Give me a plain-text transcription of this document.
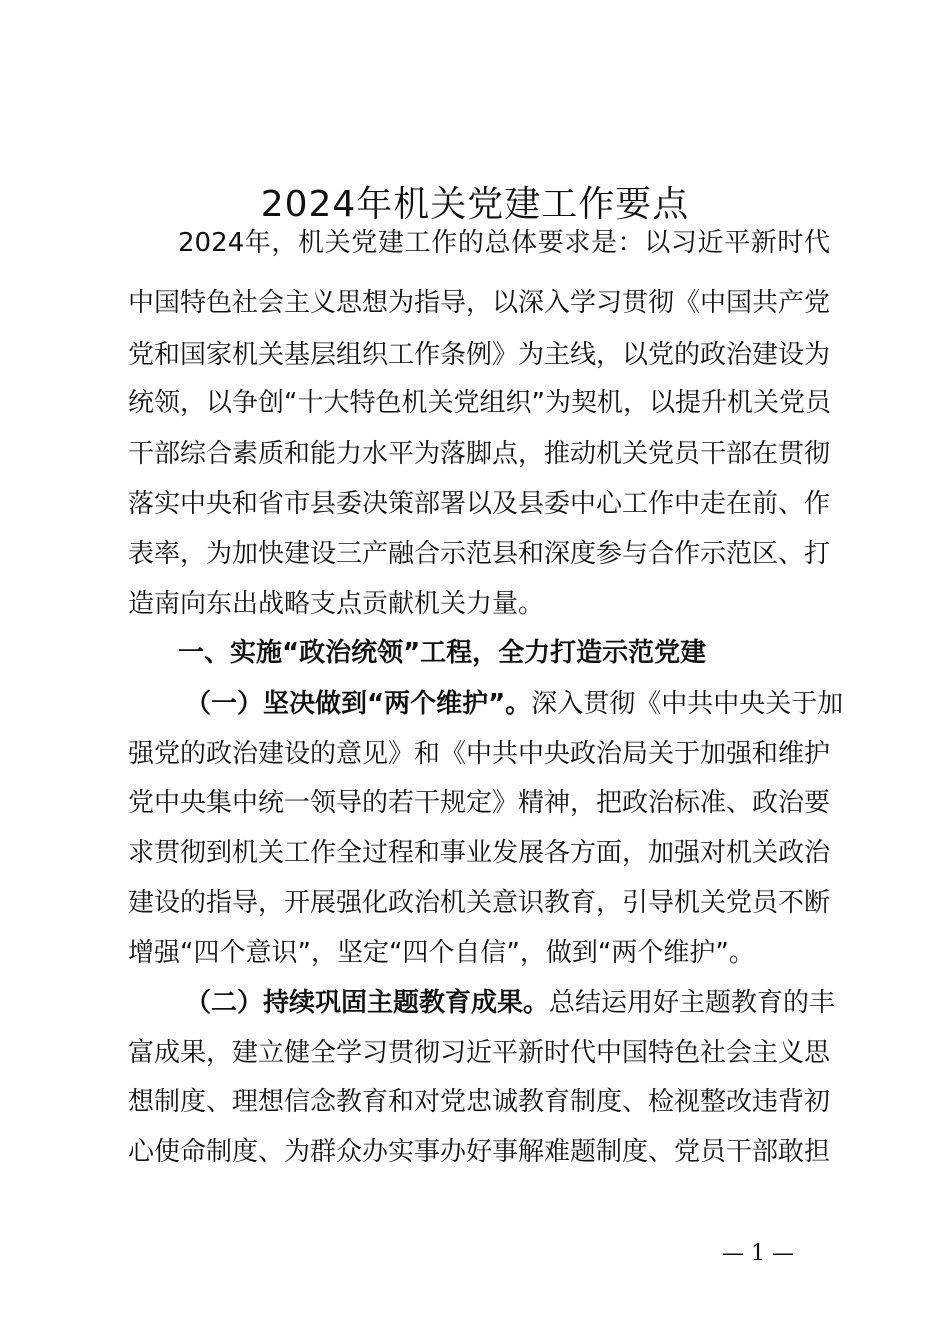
2024年机关党建工作要点

2024年，机关党建工作的总体要求是：以习近平新时代

中国特色社会主义思想为指导，以深入学习贯彻《中国共产党

党和国家机关基层组织工作条例》为主线，以党的政治建设为

统领，以争创“十大特色机关党组织”为契机，以提升机关党员

干部综合素质和能力水平为落脚点，推动机关党员干部在贯彻

落实中央和省市县委决策部署以及县委中心工作中走在前、作

表率，为加快建设三产融合示范县和深度参与合作示范区、打

造南向东出战略支点贡献机关力量。

一、实施“政治统领”工程，全力打造示范党建

（一）坚决做到“两个维护”。深入贯彻《中共中央关于加

强党的政治建设的意见》和《中共中央政治局关于加强和维护

党中央集中统一领导的若干规定》精神，把政治标准、政治要

求贯彻到机关工作全过程和事业发展各方面，加强对机关政治

建设的指导，开展强化政治机关意识教育，引导机关党员不断

增强“四个意识”，坚定“四个自信”，做到“两个维护”。

（二）持续巩固主题教育成果。总结运用好主题教育的丰

富成果，建立健全学习贯彻习近平新时代中国特色社会主义思

想制度、理想信念教育和对党忠诚教育制度、检视整改违背初

心使命制度、为群众办实事办好事解难题制度、党员干部敢担

— 1 —
